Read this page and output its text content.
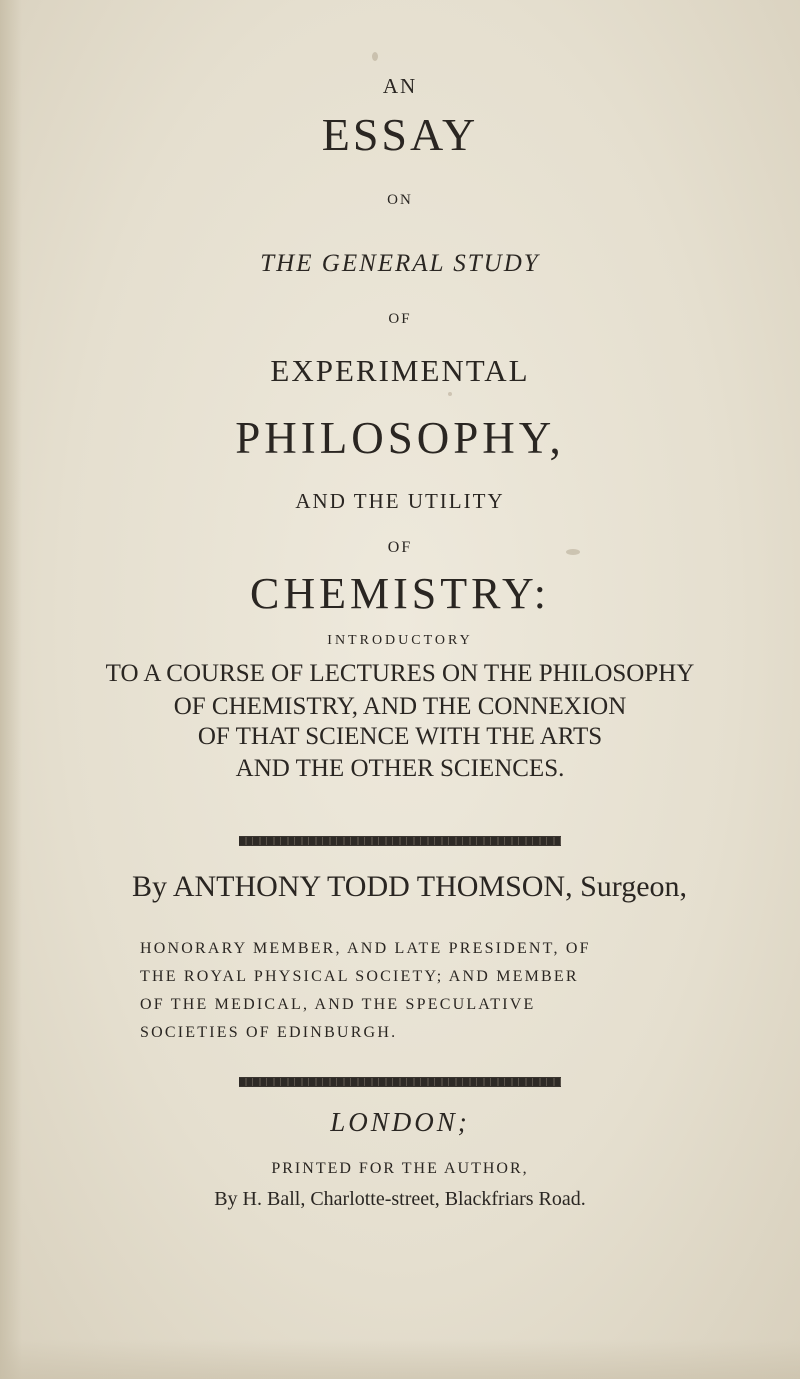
AN
ESSAY
ON
THE GENERAL STUDY
OF
EXPERIMENTAL
PHILOSOPHY,
AND THE UTILITY
OF
CHEMISTRY:
INTRODUCTORY
TO A COURSE OF LECTURES ON THE PHILOSOPHY
OF CHEMISTRY, AND THE CONNEXION
OF THAT SCIENCE WITH THE ARTS
AND THE OTHER SCIENCES.
By ANTHONY TODD THOMSON, Surgeon,
HONORARY MEMBER, AND LATE PRESIDENT, OF
THE ROYAL PHYSICAL SOCIETY; AND MEMBER
OF THE MEDICAL, AND THE SPECULATIVE
SOCIETIES OF EDINBURGH.
LONDON;
PRINTED FOR THE AUTHOR,
By H. Ball, Charlotte-street, Blackfriars Road.
